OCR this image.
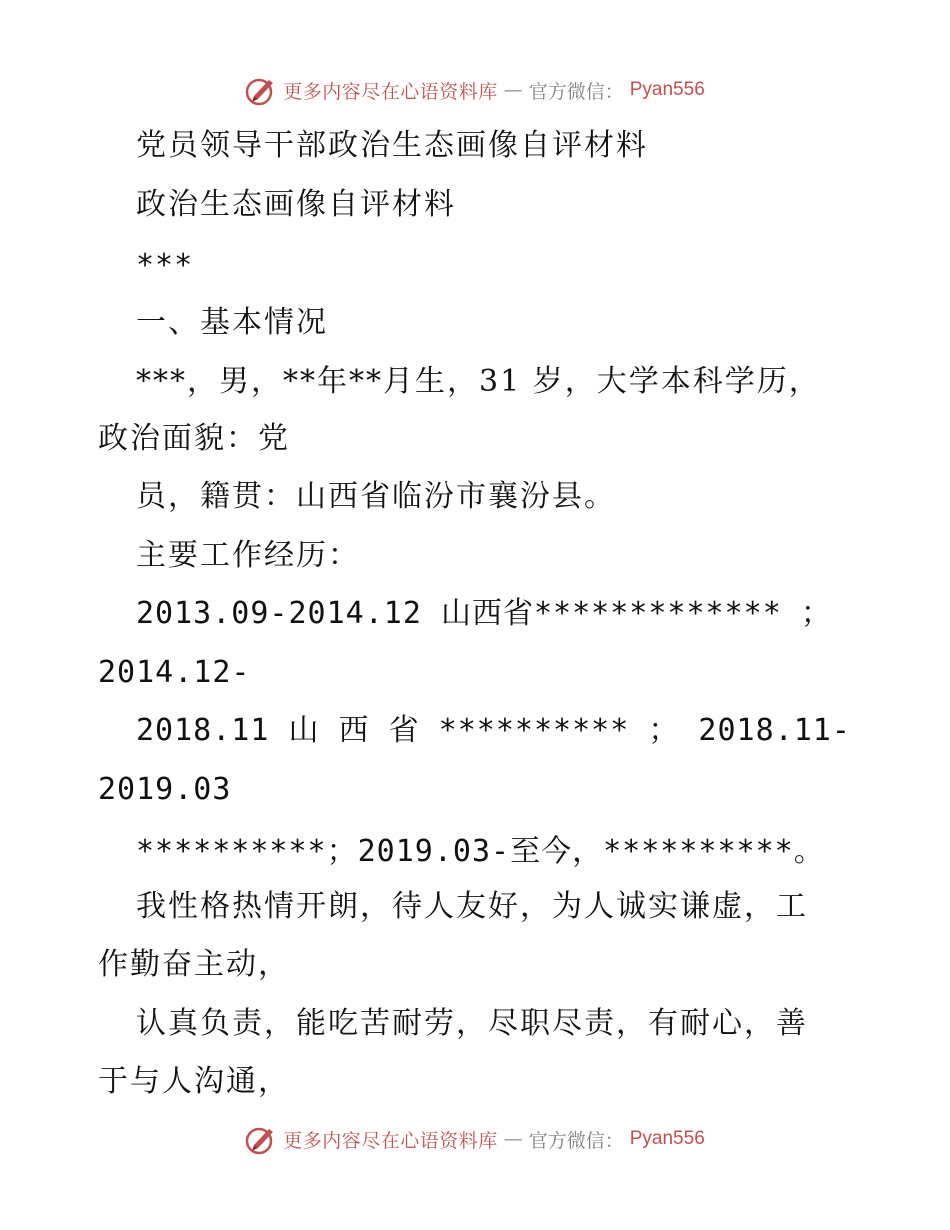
更多内容尽在心语资料库 — 官方微信： Pyan556
党员领导干部政治生态画像自评材料
政治生态画像自评材料
***
一、基本情况
***，男，**年**月生，31 岁，大学本科学历，
政治面貌：党
员，籍贯：山西省临汾市襄汾县。
主要工作经历：
2013.09-2014.12 山西省************* ；
2014.12-
2018.11 山 西 省 ********** ； 2018.11-
2019.03
**********；2019.03-至今，**********。
我性格热情开朗，待人友好，为人诚实谦虚，工
作勤奋主动，
认真负责，能吃苦耐劳，尽职尽责，有耐心，善
于与人沟通，
更多内容尽在心语资料库 — 官方微信： Pyan556
